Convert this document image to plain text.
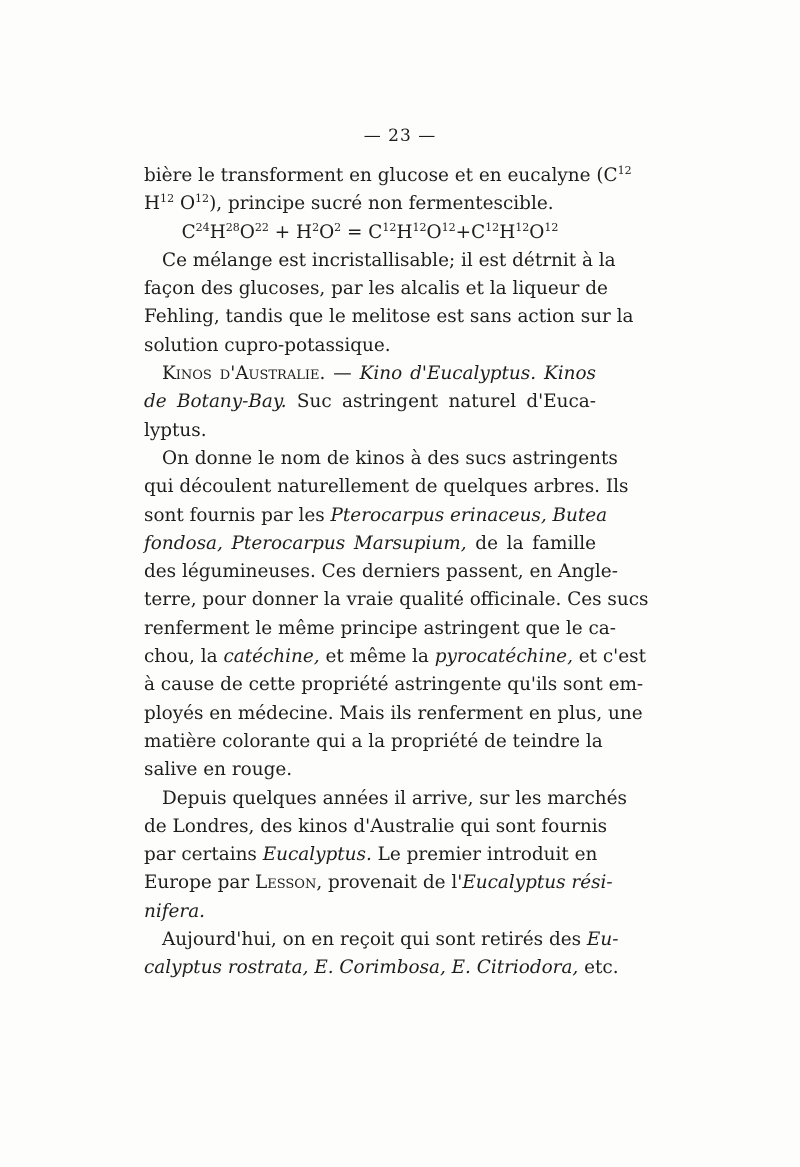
— 23 —
bière le transforment en glucose et en eucalyne ($C^{12}$
$H^{12}$ $O^{12}$), principe sucré non fermentescible.
$C^{24}H^{28}O^{22} + H^2O^2 = C^{12}H^{12}O^{12}+C^{12}H^{12}O^{12}$
Ce mélange est incristallisable; il est détrnit à la
façon des glucoses, par les alcalis et la liqueur de
Fehling, tandis que le melitose est sans action sur la
solution cupro-potassique.
Kinos d'Australie. — Kino d'Eucalyptus. Kinos
de Botany-Bay. Suc astringent naturel d'Euca-
lyptus.
On donne le nom de kinos à des sucs astringents
qui découlent naturellement de quelques arbres. Ils
sont fournis par les Pterocarpus erinaceus, Butea
fondosa, Pterocarpus Marsupium, de la famille
des légumineuses. Ces derniers passent, en Angle-
terre, pour donner la vraie qualité officinale. Ces sucs
renferment le même principe astringent que le ca-
chou, la catéchine, et même la pyrocatéchine, et c'est
à cause de cette propriété astringente qu'ils sont em-
ployés en médecine. Mais ils renferment en plus, une
matière colorante qui a la propriété de teindre la
salive en rouge.
Depuis quelques années il arrive, sur les marchés
de Londres, des kinos d'Australie qui sont fournis
par certains Eucalyptus. Le premier introduit en
Europe par Lesson, provenait de l'Eucalyptus rési-
nifera.
Aujourd'hui, on en reçoit qui sont retirés des Eu-
calyptus rostrata, E. Corimbosa, E. Citriodora, etc.
